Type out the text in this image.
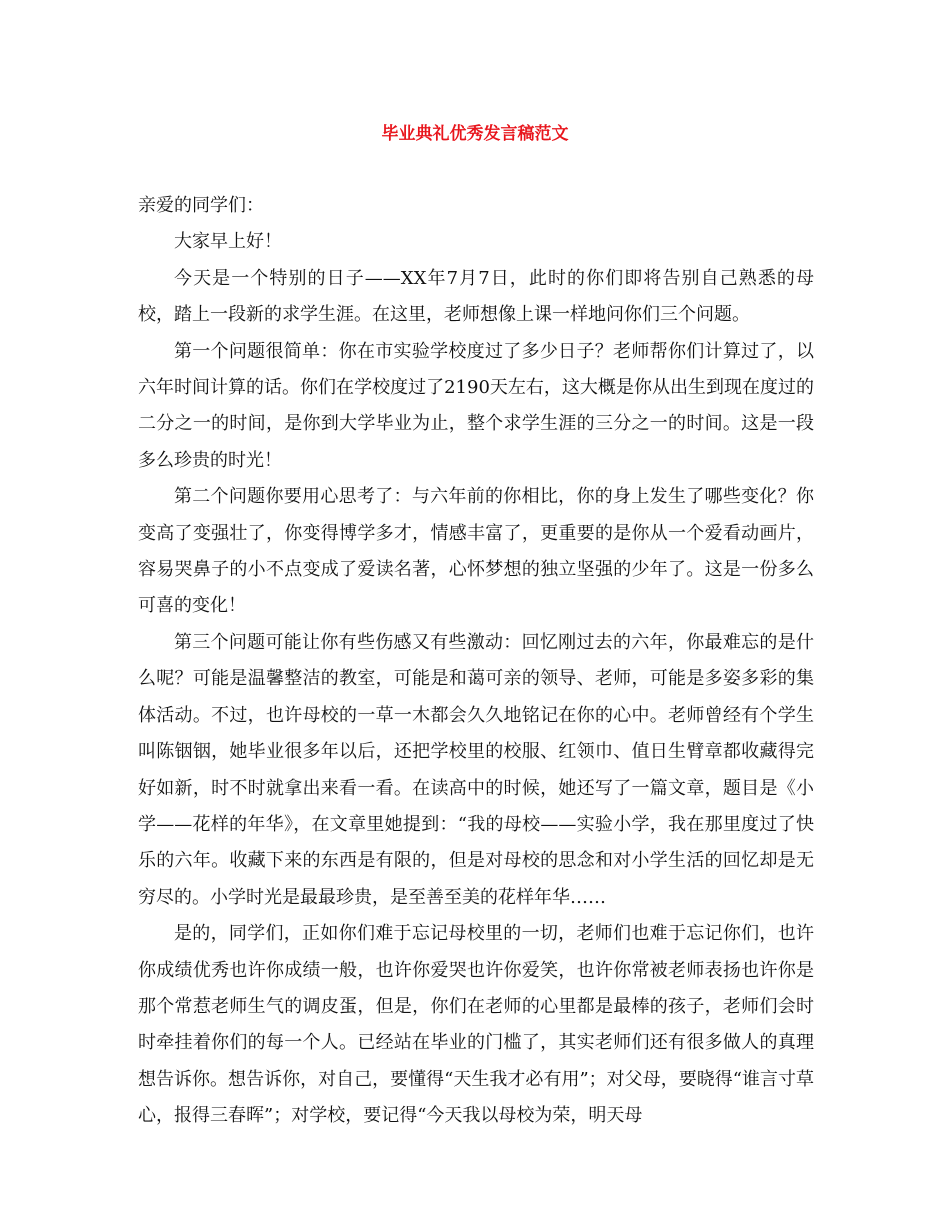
毕业典礼优秀发言稿范文

亲爱的同学们：

大家早上好！

今天是一个特别的日子——XX年7月7日，此时的你们即将告别自己熟悉的母校，踏上一段新的求学生涯。在这里，老师想像上课一样地问你们三个问题。

第一个问题很简单：你在市实验学校度过了多少日子？老师帮你们计算过了，以六年时间计算的话。你们在学校度过了2190天左右，这大概是你从出生到现在度过的二分之一的时间，是你到大学毕业为止，整个求学生涯的三分之一的时间。这是一段多么珍贵的时光！

第二个问题你要用心思考了：与六年前的你相比，你的身上发生了哪些变化？你变高了变强壮了，你变得博学多才，情感丰富了，更重要的是你从一个爱看动画片，容易哭鼻子的小不点变成了爱读名著，心怀梦想的独立坚强的少年了。这是一份多么可喜的变化！

第三个问题可能让你有些伤感又有些激动：回忆刚过去的六年，你最难忘的是什么呢？可能是温馨整洁的教室，可能是和蔼可亲的领导、老师，可能是多姿多彩的集体活动。不过，也许母校的一草一木都会久久地铭记在你的心中。老师曾经有个学生叫陈铟铟，她毕业很多年以后，还把学校里的校服、红领巾、值日生臂章都收藏得完好如新，时不时就拿出来看一看。在读高中的时候，她还写了一篇文章，题目是《小学——花样的年华》，在文章里她提到：“我的母校——实验小学，我在那里度过了快乐的六年。收藏下来的东西是有限的，但是对母校的思念和对小学生活的回忆却是无穷尽的。小学时光是最最珍贵，是至善至美的花样年华……

是的，同学们，正如你们难于忘记母校里的一切，老师们也难于忘记你们，也许你成绩优秀也许你成绩一般，也许你爱哭也许你爱笑，也许你常被老师表扬也许你是那个常惹老师生气的调皮蛋，但是，你们在老师的心里都是最棒的孩子，老师们会时时牵挂着你们的每一个人。已经站在毕业的门槛了，其实老师们还有很多做人的真理想告诉你。想告诉你，对自己，要懂得“天生我才必有用”；对父母，要晓得“谁言寸草心，报得三春晖”；对学校，要记得“今天我以母校为荣，明天母
